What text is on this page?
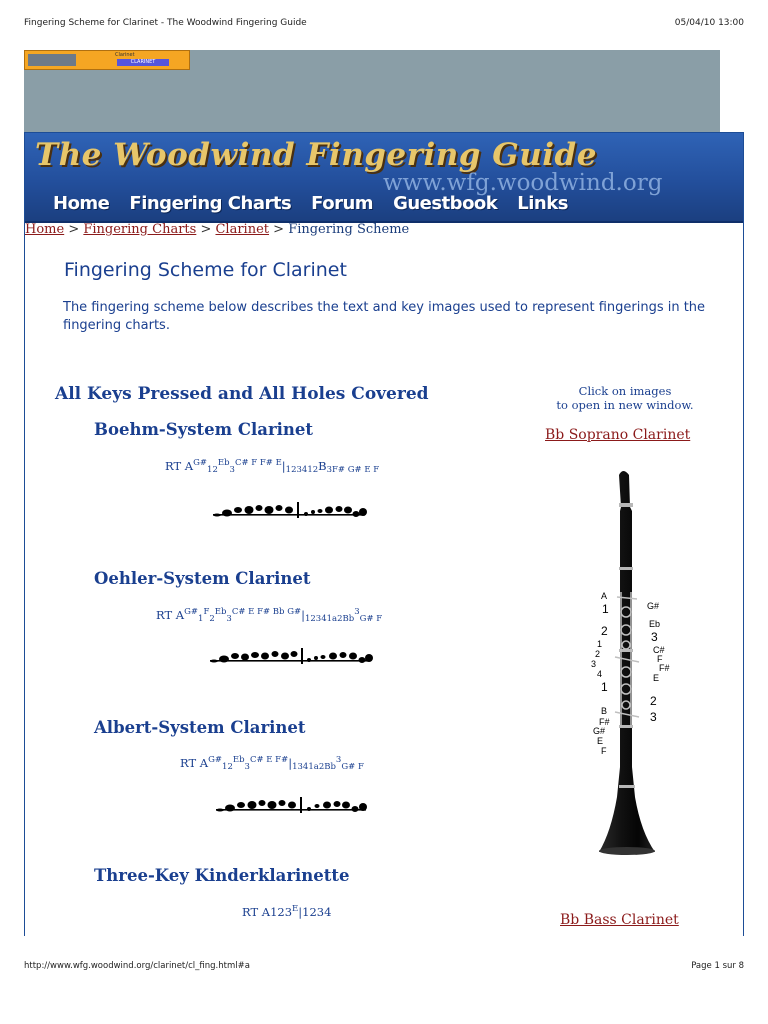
Fingering Scheme for Clarinet - The Woodwind Fingering Guide	05/04/10 13:00
Clarinet
CLARINET
The Woodwind Fingering Guide
www.wfg.woodwind.org
Home Fingering Charts Forum Guestbook Links
Home > Fingering Charts > Clarinet > Fingering Scheme
Fingering Scheme for Clarinet
The fingering scheme below describes the text and key images used to represent fingerings in the fingering charts.
All Keys Pressed and All Holes Covered
Boehm-System Clarinet
RT $A^{G\#}_{12}^{Eb}_3^{C\# F F\# E}|_{123412}B_{3F\# G\# E F}$
Oehler-System Clarinet
RT $A^{G\#}_1^F_2^{Eb}_3^{C\# E F\# Bb G\#}|_{12341a2Bb}^3_{G\# F}$
Albert-System Clarinet
RT $A^{G\#}_{12}^{Eb}_3^{C\# E F\#}|_{1341a2Bb}^3_{G\# F}$
Three-Key Kinderklarinette
RT $A123^E|1234$
Click on images
to open in new window.
Bb Soprano Clarinet
A
1
2
1
2
3
4
1
B
F#
G#
E
F
G#
Eb
3
C#
F
F#
E
2
3
Bb Bass Clarinet
http://www.wfg.woodwind.org/clarinet/cl_fing.html#a	Page 1 sur 8
